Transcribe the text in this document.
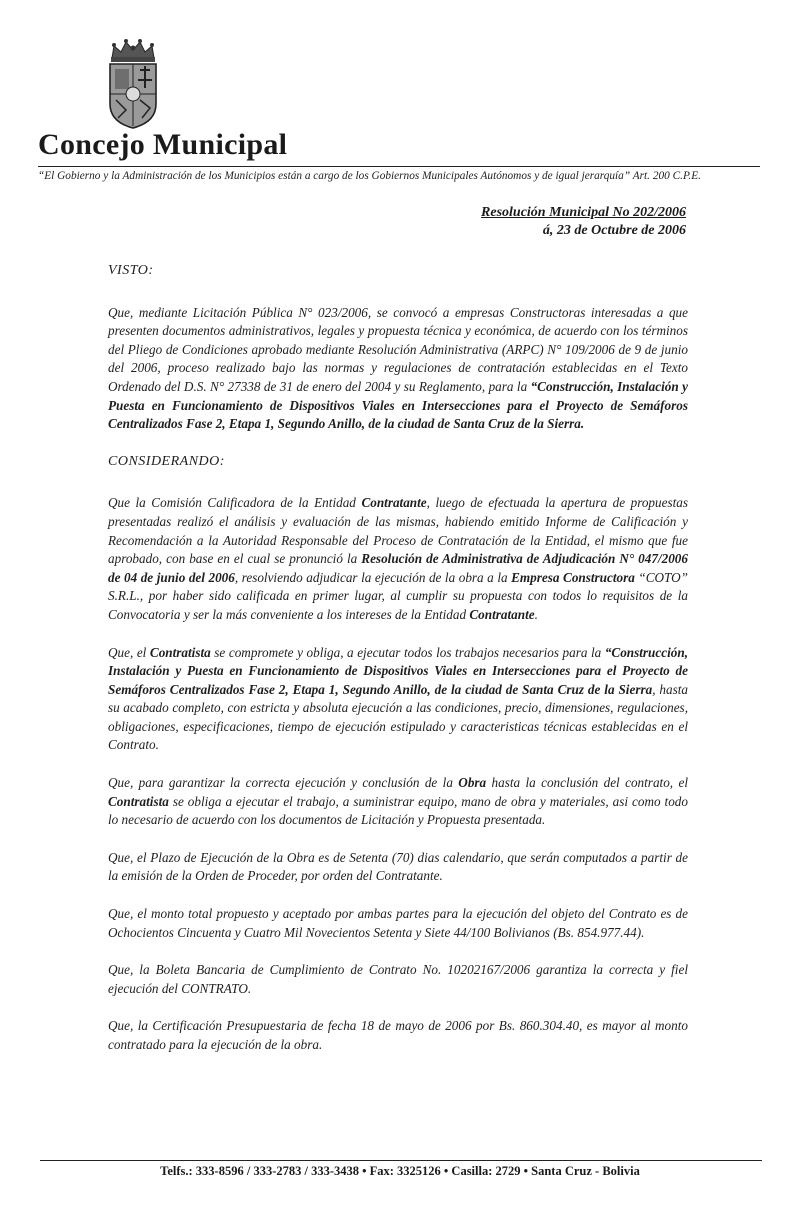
Concejo Municipal
“El Gobierno y la Administración de los Municipios están a cargo de los Gobiernos Municipales Autónomos y de igual jerarquía” Art. 200 C.P.E.
Resolución Municipal No 202/2006
á, 23 de Octubre de 2006
VISTO:

Que, mediante Licitación Pública N° 023/2006, se convocó a empresas Constructoras interesadas a que presenten documentos administrativos, legales y propuesta técnica y económica, de acuerdo con los términos del Pliego de Condiciones aprobado mediante Resolución Administrativa (ARPC) N° 109/2006 de 9 de junio del 2006, proceso realizado bajo las normas y regulaciones de contratación establecidas en el Texto Ordenado del D.S. N° 27338 de 31 de enero del 2004 y su Reglamento, para la “Construcción, Instalación y Puesta en Funcionamiento de Dispositivos Viales en Intersecciones para el Proyecto de Semáforos Centralizados Fase 2, Etapa 1, Segundo Anillo, de la ciudad de Santa Cruz de la Sierra.

CONSIDERANDO:

Que la Comisión Calificadora de la Entidad Contratante, luego de efectuada la apertura de propuestas presentadas realizó el análisis y evaluación de las mismas, habiendo emitido Informe de Calificación y Recomendación a la Autoridad Responsable del Proceso de Contratación de la Entidad, el mismo que fue aprobado, con base en el cual se pronunció la Resolución de Administrativa de Adjudicación N° 047/2006 de 04 de junio del 2006, resolviendo adjudicar la ejecución de la obra a la Empresa Constructora “COTO” S.R.L., por haber sido calificada en primer lugar, al cumplir su propuesta con todos lo requisitos de la Convocatoria y ser la más conveniente a los intereses de la Entidad Contratante.

Que, el Contratista se compromete y obliga, a ejecutar todos los trabajos necesarios para la “Construcción, Instalación y Puesta en Funcionamiento de Dispositivos Viales en Intersecciones para el Proyecto de Semáforos Centralizados Fase 2, Etapa 1, Segundo Anillo, de la ciudad de Santa Cruz de la Sierra, hasta su acabado completo, con estricta y absoluta ejecución a las condiciones, precio, dimensiones, regulaciones, obligaciones, especificaciones, tiempo de ejecución estipulado y caracteristicas técnicas establecidas en el Contrato.

Que, para garantizar la correcta ejecución y conclusión de la Obra hasta la conclusión del contrato, el Contratista se obliga a ejecutar el trabajo, a suministrar equipo, mano de obra y materiales, asi como todo lo necesario de acuerdo con los documentos de Licitación y Propuesta presentada.

Que, el Plazo de Ejecución de la Obra es de Setenta (70) dias calendario, que serán computados a partir de la emisión de la Orden de Proceder, por orden del Contratante.

Que, el monto total propuesto y aceptado por ambas partes para la ejecución del objeto del Contrato es de Ochocientos Cincuenta y Cuatro Mil Novecientos Setenta y Siete 44/100 Bolivianos (Bs. 854.977.44).

Que, la Boleta Bancaria de Cumplimiento de Contrato No. 10202167/2006 garantiza la correcta y fiel ejecución del CONTRATO.

Que, la Certificación Presupuestaria de fecha 18 de mayo de 2006 por Bs. 860.304.40, es mayor al monto contratado para la ejecución de la obra.

Telfs.: 333-8596 / 333-2783 / 333-3438 • Fax: 3325126 • Casilla: 2729 • Santa Cruz - Bolivia
